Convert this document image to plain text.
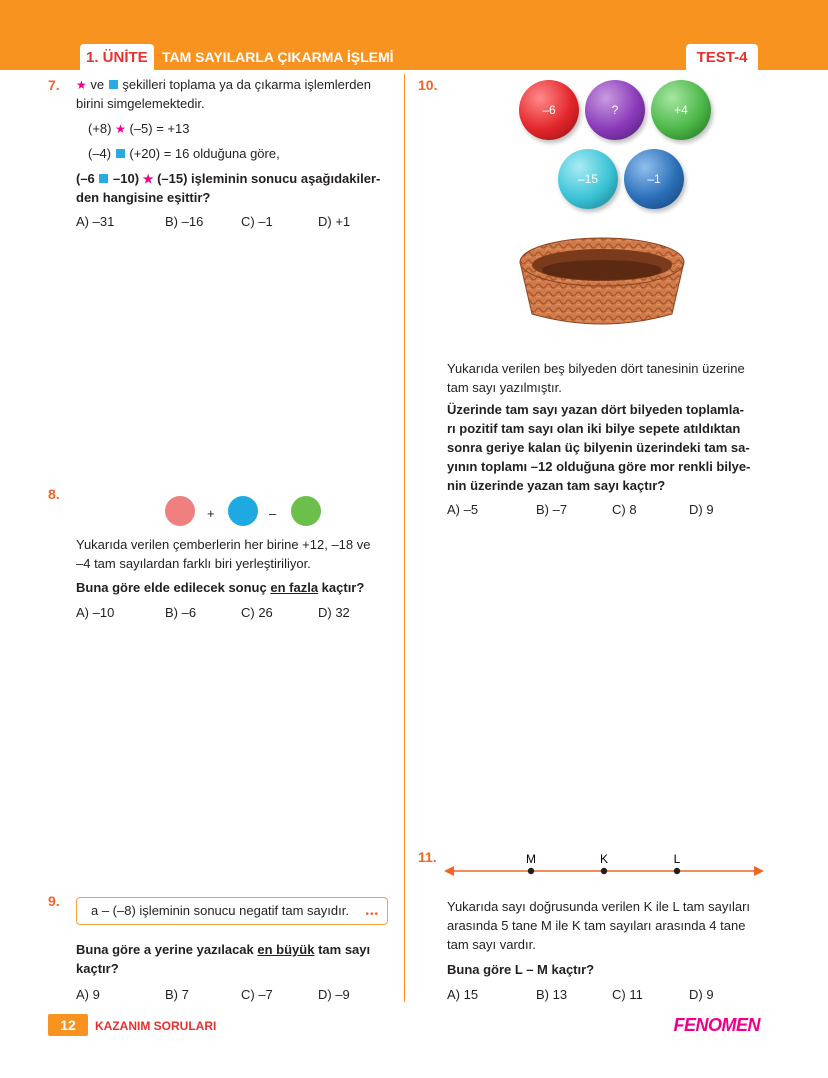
1. ÜNİTE	TAM SAYILARLA ÇIKARMA İŞLEMİ	TEST-4
7. ★ ve şekilleri toplama ya da çıkarma işlemlerden
birini simgelemektedir.
(+8) ★ (–5) = +13
(–4) (+20) = 16 olduğuna göre,
(–6 –10) ★ (–15) işleminin sonucu aşağıdakiler-
den hangisine eşittir?
A) –31	B) –16	C) –1	D) +1
8.
+	–
Yukarıda verilen çemberlerin her birine +12, –18 ve
–4 tam sayılardan farklı biri yerleştiriliyor.
Buna göre elde edilecek sonuç en fazla kaçtır?
A) –10	B) –6	C) 26	D) 32
9.
a – (–8) işleminin sonucu negatif tam sayıdır. •••
Buna göre a yerine yazılacak en büyük tam sayı
kaçtır?
A) 9	B) 7	C) –7	D) –9
10.
–6	?	+4
–15	–1
Yukarıda verilen beş bilyeden dört tanesinin üzerine
tam sayı yazılmıştır.
Üzerinde tam sayı yazan dört bilyeden toplamla-
rı pozitif tam sayı olan iki bilye sepete atıldıktan
sonra geriye kalan üç bilyenin üzerindeki tam sa-
yının toplamı –12 olduğuna göre mor renkli bilye-
nin üzerinde yazan tam sayı kaçtır?
A) –5	B) –7	C) 8	D) 9
11.	M	K	L
Yukarıda sayı doğrusunda verilen K ile L tam sayıları
arasında 5 tane M ile K tam sayıları arasında 4 tane
tam sayı vardır.
Buna göre L – M kaçtır?
A) 15	B) 13	C) 11	D) 9
12	KAZANIM SORULARI	FENOMEN
